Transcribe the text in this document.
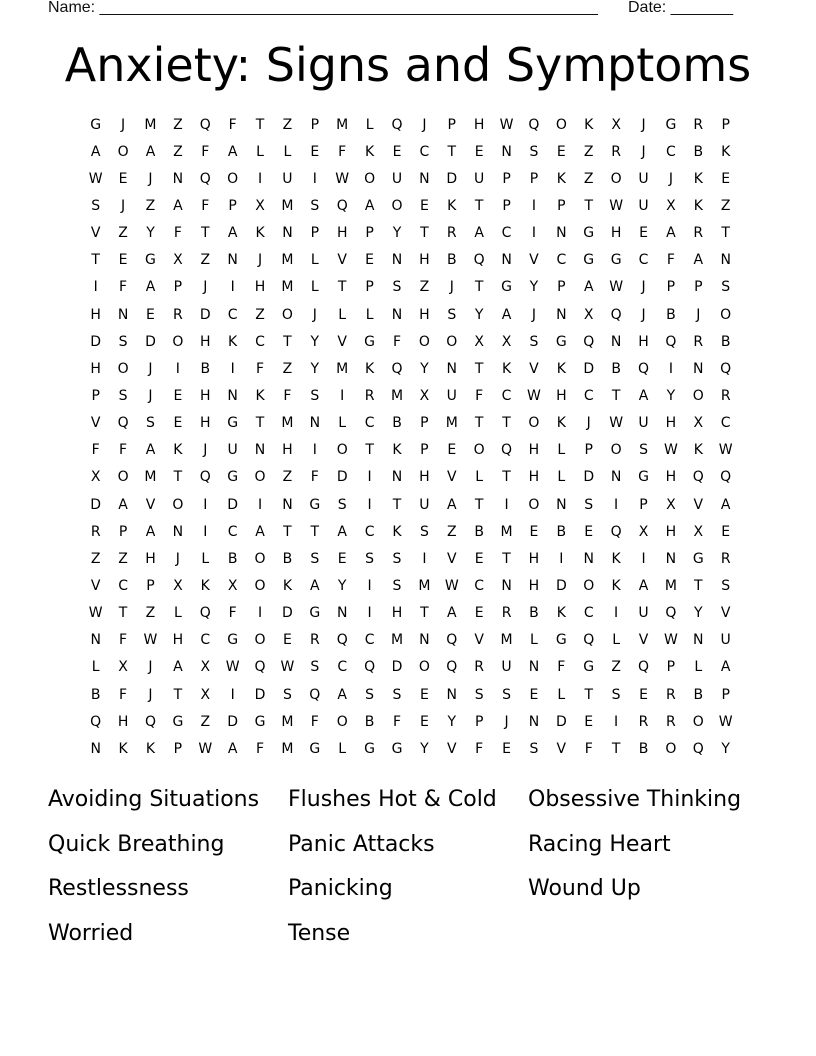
Name: ________________________________________________________ Date: _______
Anxiety: Signs and Symptoms
G	J	M	Z	Q	F	T	Z	P	M	L	Q	J	P	H	W	Q	O	K	X	J	G	R	P
A	O	A	Z	F	A	L	L	E	F	K	E	C	T	E	N	S	E	Z	R	J	C	B	K
W	E	J	N	Q	O	I	U	I	W	O	U	N	D	U	P	P	K	Z	O	U	J	K	E
S	J	Z	A	F	P	X	M	S	Q	A	O	E	K	T	P	I	P	T	W	U	X	K	Z
V	Z	Y	F	T	A	K	N	P	H	P	Y	T	R	A	C	I	N	G	H	E	A	R	T
T	E	G	X	Z	N	J	M	L	V	E	N	H	B	Q	N	V	C	G	G	C	F	A	N
I	F	A	P	J	I	H	M	L	T	P	S	Z	J	T	G	Y	P	A	W	J	P	P	S
H	N	E	R	D	C	Z	O	J	L	L	N	H	S	Y	A	J	N	X	Q	J	B	J	O
D	S	D	O	H	K	C	T	Y	V	G	F	O	O	X	X	S	G	Q	N	H	Q	R	B
H	O	J	I	B	I	F	Z	Y	M	K	Q	Y	N	T	K	V	K	D	B	Q	I	N	Q
P	S	J	E	H	N	K	F	S	I	R	M	X	U	F	C	W	H	C	T	A	Y	O	R
V	Q	S	E	H	G	T	M	N	L	C	B	P	M	T	T	O	K	J	W	U	H	X	C
F	F	A	K	J	U	N	H	I	O	T	K	P	E	O	Q	H	L	P	O	S	W	K	W
X	O	M	T	Q	G	O	Z	F	D	I	N	H	V	L	T	H	L	D	N	G	H	Q	Q
D	A	V	O	I	D	I	N	G	S	I	T	U	A	T	I	O	N	S	I	P	X	V	A
R	P	A	N	I	C	A	T	T	A	C	K	S	Z	B	M	E	B	E	Q	X	H	X	E
Z	Z	H	J	L	B	O	B	S	E	S	S	I	V	E	T	H	I	N	K	I	N	G	R
V	C	P	X	K	X	O	K	A	Y	I	S	M	W	C	N	H	D	O	K	A	M	T	S
W	T	Z	L	Q	F	I	D	G	N	I	H	T	A	E	R	B	K	C	I	U	Q	Y	V
N	F	W	H	C	G	O	E	R	Q	C	M	N	Q	V	M	L	G	Q	L	V	W	N	U
L	X	J	A	X	W	Q	W	S	C	Q	D	O	Q	R	U	N	F	G	Z	Q	P	L	A
B	F	J	T	X	I	D	S	Q	A	S	S	E	N	S	S	E	L	T	S	E	R	B	P
Q	H	Q	G	Z	D	G	M	F	O	B	F	E	Y	P	J	N	D	E	I	R	R	O	W
N	K	K	P	W	A	F	M	G	L	G	G	Y	V	F	E	S	V	F	T	B	O	Q	Y
Avoiding Situations	Flushes Hot & Cold	Obsessive Thinking
Quick Breathing	Panic Attacks	Racing Heart
Restlessness	Panicking	Wound Up
Worried	Tense
